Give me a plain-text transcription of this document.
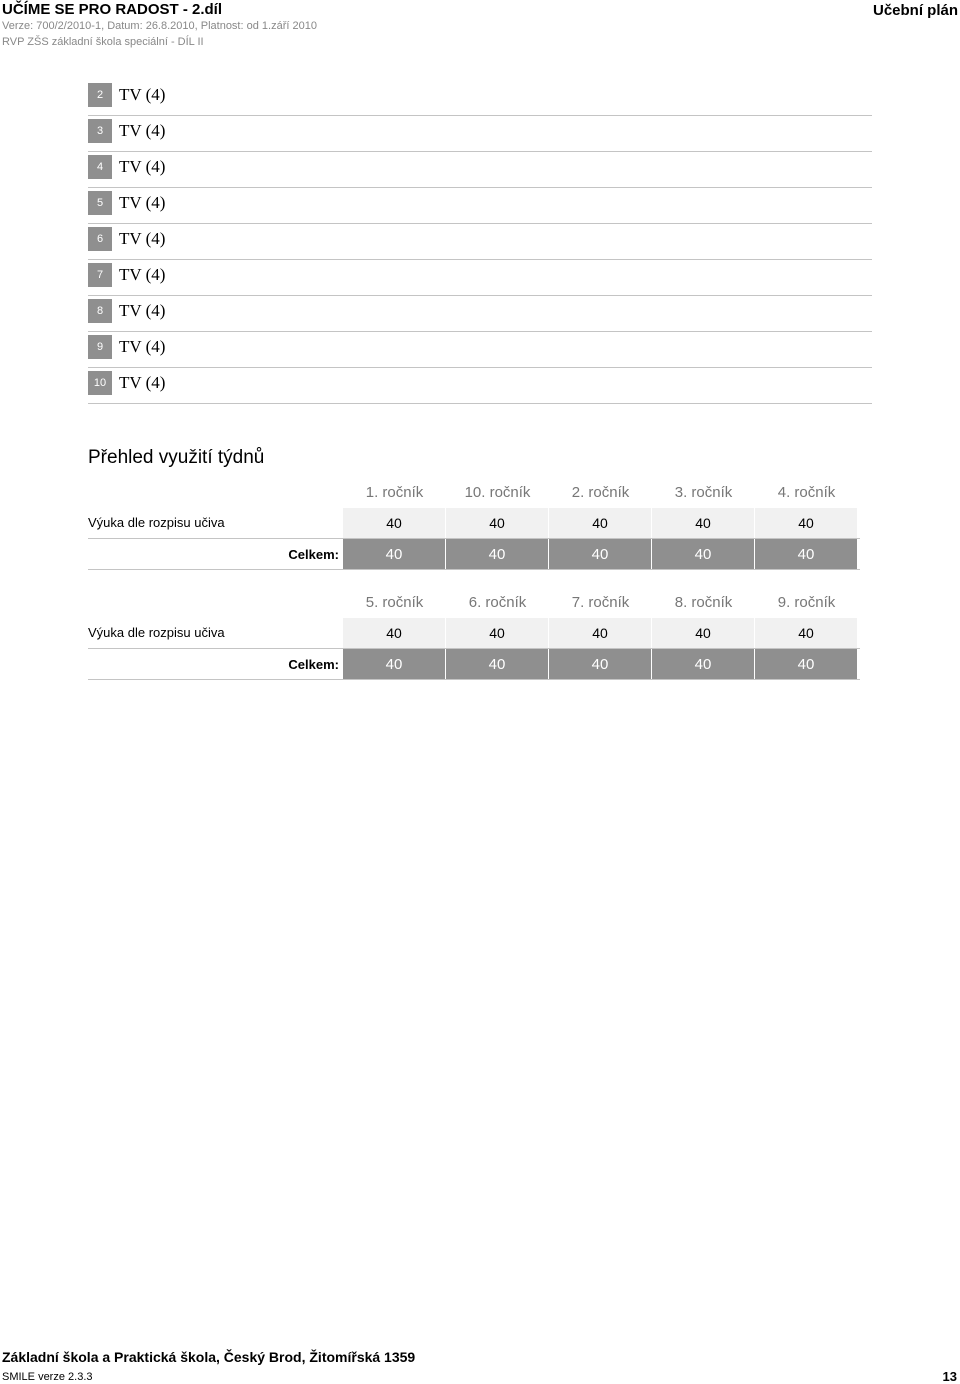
UČÍME SE PRO RADOST - 2.díl
Verze: 700/2/2010-1, Datum: 26.8.2010, Platnost: od 1.září 2010
RVP ZŠS základní škola speciální - DÍL II
Učební plán
2 TV (4)
3 TV (4)
4 TV (4)
5 TV (4)
6 TV (4)
7 TV (4)
8 TV (4)
9 TV (4)
10 TV (4)
Přehled využití týdnů
1. ročník	10. ročník	2. ročník	3. ročník	4. ročník
Výuka dle rozpisu učiva	40	40	40	40	40
Celkem:	40	40	40	40	40
5. ročník	6. ročník	7. ročník	8. ročník	9. ročník
Výuka dle rozpisu učiva	40	40	40	40	40
Celkem:	40	40	40	40	40
Základní škola a Praktická škola, Český Brod, Žitomířská 1359
SMILE verze 2.3.3	13
